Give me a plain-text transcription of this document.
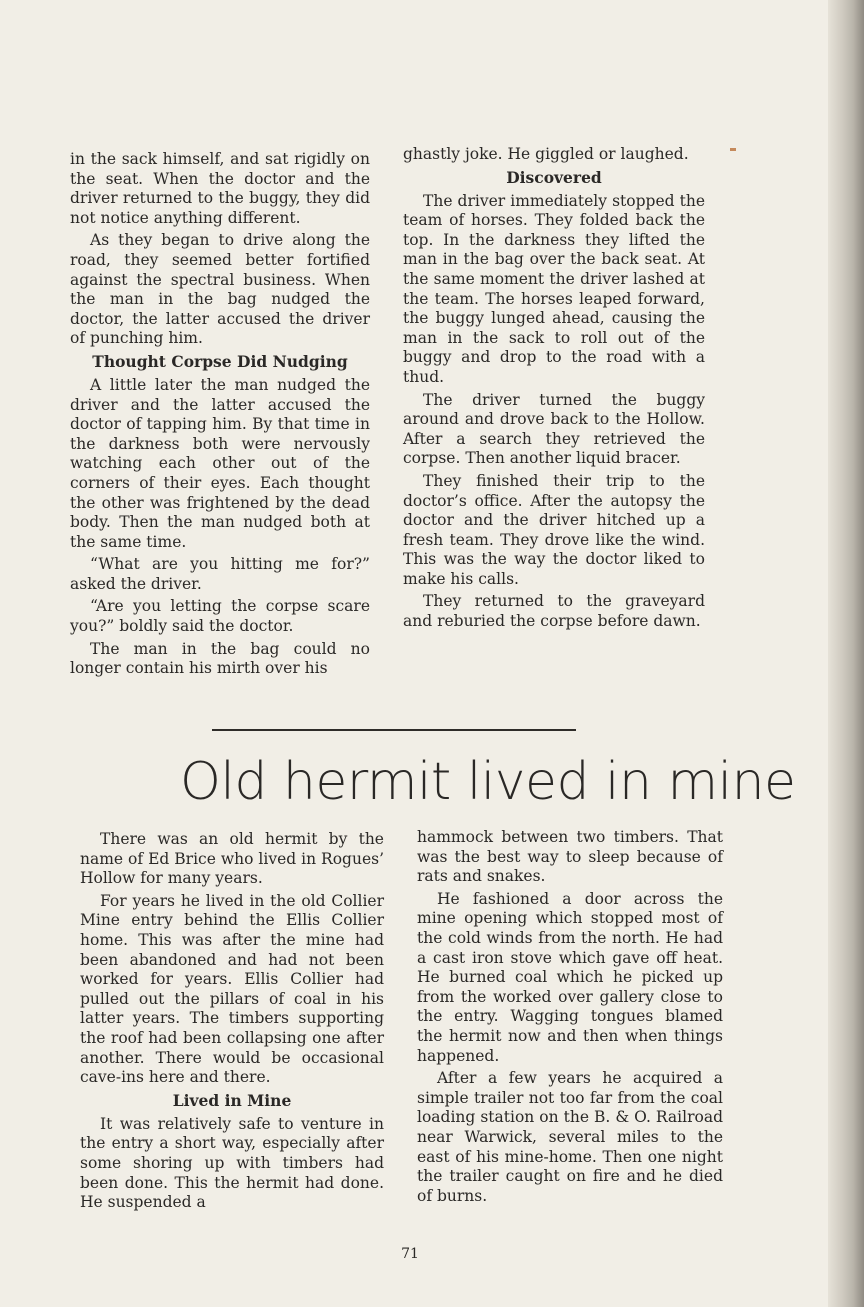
in the sack himself, and sat rigidly on the seat. When the doctor and the driver returned to the buggy, they did not notice anything different.

As they began to drive along the road, they seemed better fortified against the spectral business. When the man in the bag nudged the doctor, the latter accused the driver of punching him.

Thought Corpse Did Nudging

A little later the man nudged the driver and the latter accused the doctor of tapping him. By that time in the darkness both were nervously watching each other out of the corners of their eyes. Each thought the other was frightened by the dead body. Then the man nudged both at the same time.

“What are you hitting me for?” asked the driver.

“Are you letting the corpse scare you?” boldly said the doctor.

The man in the bag could no longer contain his mirth over his

ghastly joke. He giggled or laughed.

Discovered

The driver immediately stopped the team of horses. They folded back the top. In the darkness they lifted the man in the bag over the back seat. At the same moment the driver lashed at the team. The horses leaped forward, the buggy lunged ahead, causing the man in the sack to roll out of the buggy and drop to the road with a thud.

The driver turned the buggy around and drove back to the Hollow. After a search they retrieved the corpse. Then another liquid bracer.

They finished their trip to the doctor’s office. After the autopsy the doctor and the driver hitched up a fresh team. They drove like the wind. This was the way the doctor liked to make his calls.

They returned to the graveyard and reburied the corpse before dawn.

Old hermit lived in mine

There was an old hermit by the name of Ed Brice who lived in Rogues’ Hollow for many years.

For years he lived in the old Collier Mine entry behind the Ellis Collier home. This was after the mine had been abandoned and had not been worked for years. Ellis Collier had pulled out the pillars of coal in his latter years. The timbers supporting the roof had been collapsing one after another. There would be occasional cave-ins here and there.

Lived in Mine

It was relatively safe to venture in the entry a short way, especially after some shoring up with timbers had been done. This the hermit had done. He suspended a

hammock between two timbers. That was the best way to sleep because of rats and snakes.

He fashioned a door across the mine opening which stopped most of the cold winds from the north. He had a cast iron stove which gave off heat. He burned coal which he picked up from the worked over gallery close to the entry. Wagging tongues blamed the hermit now and then when things happened.

After a few years he acquired a simple trailer not too far from the coal loading station on the B. & O. Railroad near Warwick, several miles to the east of his mine-home. Then one night the trailer caught on fire and he died of burns.

71
